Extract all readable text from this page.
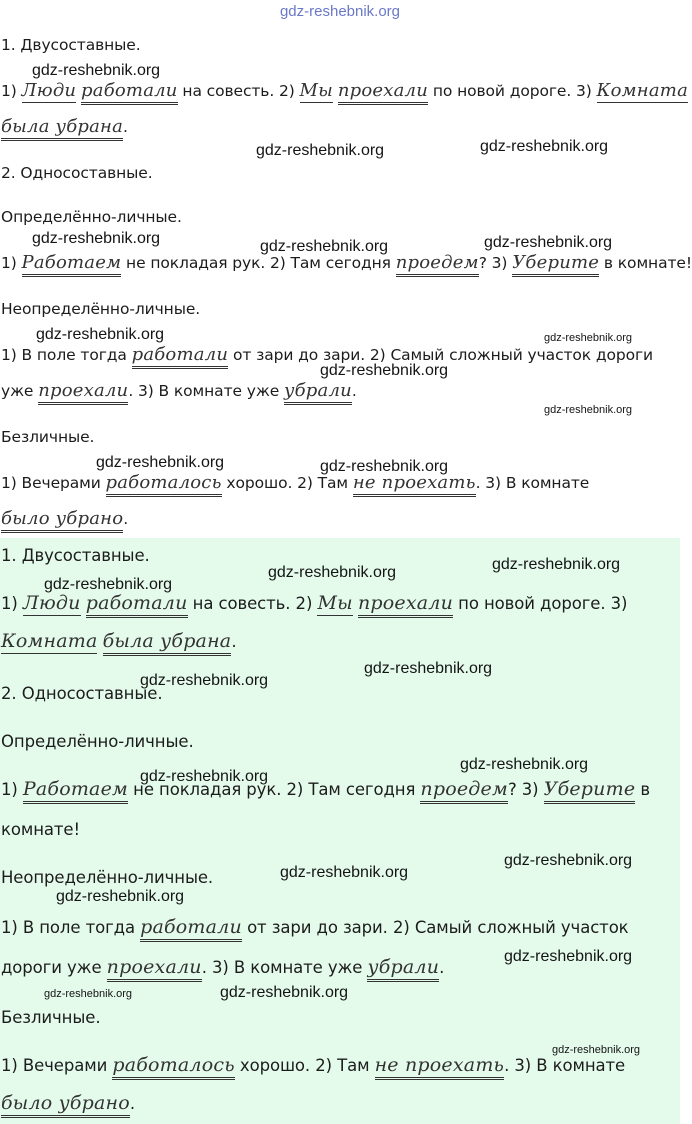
gdz-reshebnik.org
1. Двусоставные.
1) Люди работали на совесть. 2) Мы проехали по новой дороге. 3) Комната
была убрана.
2. Односоставные.
Определённо-личные.
1) Работаем не покладая рук. 2) Там сегодня проедем? 3) Уберите в комнате!
Неопределённо-личные.
1) В поле тогда работали от зари до зари. 2) Самый сложный участок дороги
уже проехали. 3) В комнате уже убрали.
Безличные.
1) Вечерами работалось хорошо. 2) Там не проехать. 3) В комнате
было убрано.
gdz-reshebnik.org
gdz-reshebnik.org	gdz-reshebnik.org
gdz-reshebnik.org	gdz-reshebnik.org	gdz-reshebnik.org
gdz-reshebnik.org	gdz-reshebnik.org
gdz-reshebnik.org
gdz-reshebnik.org
gdz-reshebnik.org	gdz-reshebnik.org
1. Двусоставные.
1) Люди работали на совесть. 2) Мы проехали по новой дороге. 3)
Комната была убрана.
2. Односоставные.
Определённо-личные.
1) Работаем не покладая рук. 2) Там сегодня проедем? 3) Уберите в
комнате!
Неопределённо-личные.
1) В поле тогда работали от зари до зари. 2) Самый сложный участок
дороги уже проехали. 3) В комнате уже убрали.
Безличные.
1) Вечерами работалось хорошо. 2) Там не проехать. 3) В комнате
было убрано.
gdz-reshebnik.org	gdz-reshebnik.org
gdz-reshebnik.org
gdz-reshebnik.org
gdz-reshebnik.org
gdz-reshebnik.org
gdz-reshebnik.org
gdz-reshebnik.org
gdz-reshebnik.org
gdz-reshebnik.org
gdz-reshebnik.org
gdz-reshebnik.org	gdz-reshebnik.org
gdz-reshebnik.org
